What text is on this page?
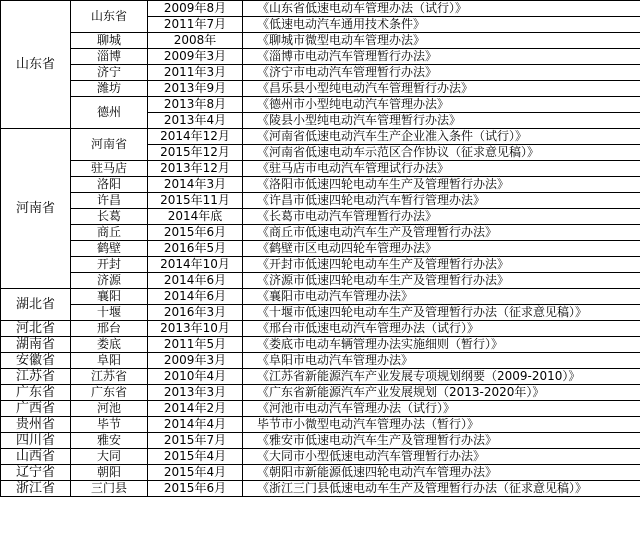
山东省	山东省	2009年8月	《山东省低速电动车管理办法（试行）》
		2011年7月	《低速电动汽车通用技术条件》
	聊城	2008年	《聊城市微型电动车管理办法》
	淄博	2009年3月	《淄博市电动汽车管理暂行办法》
	济宁	2011年3月	《济宁市电动汽车管理暂行办法》
	潍坊	2013年9月	《昌乐县小型纯电动汽车管理暂行办法》
	德州	2013年8月	《德州市小型纯电动汽车管理办法》
		2013年4月	《陵县小型纯电动汽车管理暂行办法》
河南省	河南省	2014年12月	《河南省低速电动汽车生产企业准入条件（试行）》
		2015年12月	《河南省低速电动车示范区合作协议（征求意见稿）》
	驻马店	2013年12月	《驻马店市电动汽车管理试行办法》
	洛阳	2014年3月	《洛阳市低速四轮电动车生产及管理暂行办法》
	许昌	2015年11月	《许昌市低速四轮电动汽车暂行管理办法》
	长葛	2014年底	《长葛市电动汽车管理暂行办法》
	商丘	2015年6月	《商丘市低速电动汽车生产及管理暂行办法》
	鹤壁	2016年5月	《鹤壁市区电动四轮车管理办法》
	开封	2014年10月	《开封市低速四轮电动车生产及管理暂行办法》
	济源	2014年6月	《济源市低速四轮电动车生产及管理暂行办法》
湖北省	襄阳	2014年6月	《襄阳市电动汽车管理办法》
	十堰	2016年3月	《十堰市低速四轮电动车生产及管理暂行办法（征求意见稿）》
河北省	邢台	2013年10月	《邢台市低速电动汽车管理办法（试行）》
湖南省	娄底	2011年5月	《娄底市电动车辆管理办法实施细则（暂行）》
安徽省	阜阳	2009年3月	《阜阳市电动汽车管理办法》
江苏省	江苏省	2010年4月	《江苏省新能源汽车产业发展专项规划纲要（2009-2010）》
广东省	广东省	2013年3月	《广东省新能源汽车产业发展规划（2013-2020年）》
广西省	河池	2014年2月	《河池市电动汽车管理办法（试行）》
贵州省	毕节	2014年4月	毕节市小微型电动汽车管理办法（暂行）》
四川省	雅安	2015年7月	《雅安市低速电动汽车生产及管理暂行办法》
山西省	大同	2015年4月	《大同市小型低速电动汽车管理暂行办法》
辽宁省	朝阳	2015年4月	《朝阳市新能源低速四轮电动汽车管理办法》
浙江省	三门县	2015年6月	《浙江三门县低速电动车生产及管理暂行办法（征求意见稿）》
